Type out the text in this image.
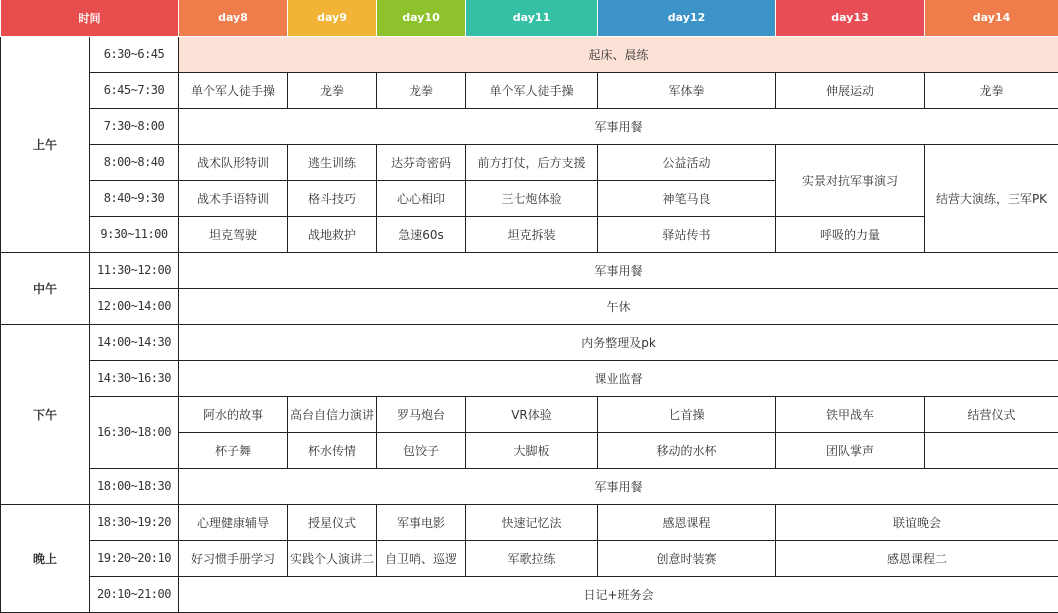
时间		day8	day9	day10	day11	day12	day13	day14
上午	6:30~6:45	起床、晨练						
	6:45~7:30	单个军人徒手操	龙拳	龙拳	单个军人徒手操	军体拳	伸展运动	龙拳
	7:30~8:00	军事用餐						
	8:00~8:40	战术队形特训	逃生训练	达芬奇密码	前方打仗，后方支援	公益活动	实景对抗军事演习	结营大演练，三军PK
	8:40~9:30	战术手语特训	格斗技巧	心心相印	三七炮体验	神笔马良		
	9:30~11:00	坦克驾驶	战地救护	急速60s	坦克拆装	驿站传书	呼吸的力量	
中午	11:30~12:00	军事用餐						
	12:00~14:00	午休						
下午	14:00~14:30	内务整理及pk						
	14:30~16:30	课业监督						
	16:30~18:00	阿水的故事	高台自信力演讲	罗马炮台	VR体验	匕首操	铁甲战车	结营仪式
		杯子舞	杯水传情	包饺子	大脚板	移动的水杯	团队掌声	
	18:00~18:30	军事用餐						
晚上	18:30~19:20	心理健康辅导	授星仪式	军事电影	快速记忆法	感恩课程	联谊晚会	
	19:20~20:10	好习惯手册学习	实践个人演讲二	自卫哨、巡逻	军歌拉练	创意时装赛	感恩课程二	
	20:10~21:00	日记+班务会						
